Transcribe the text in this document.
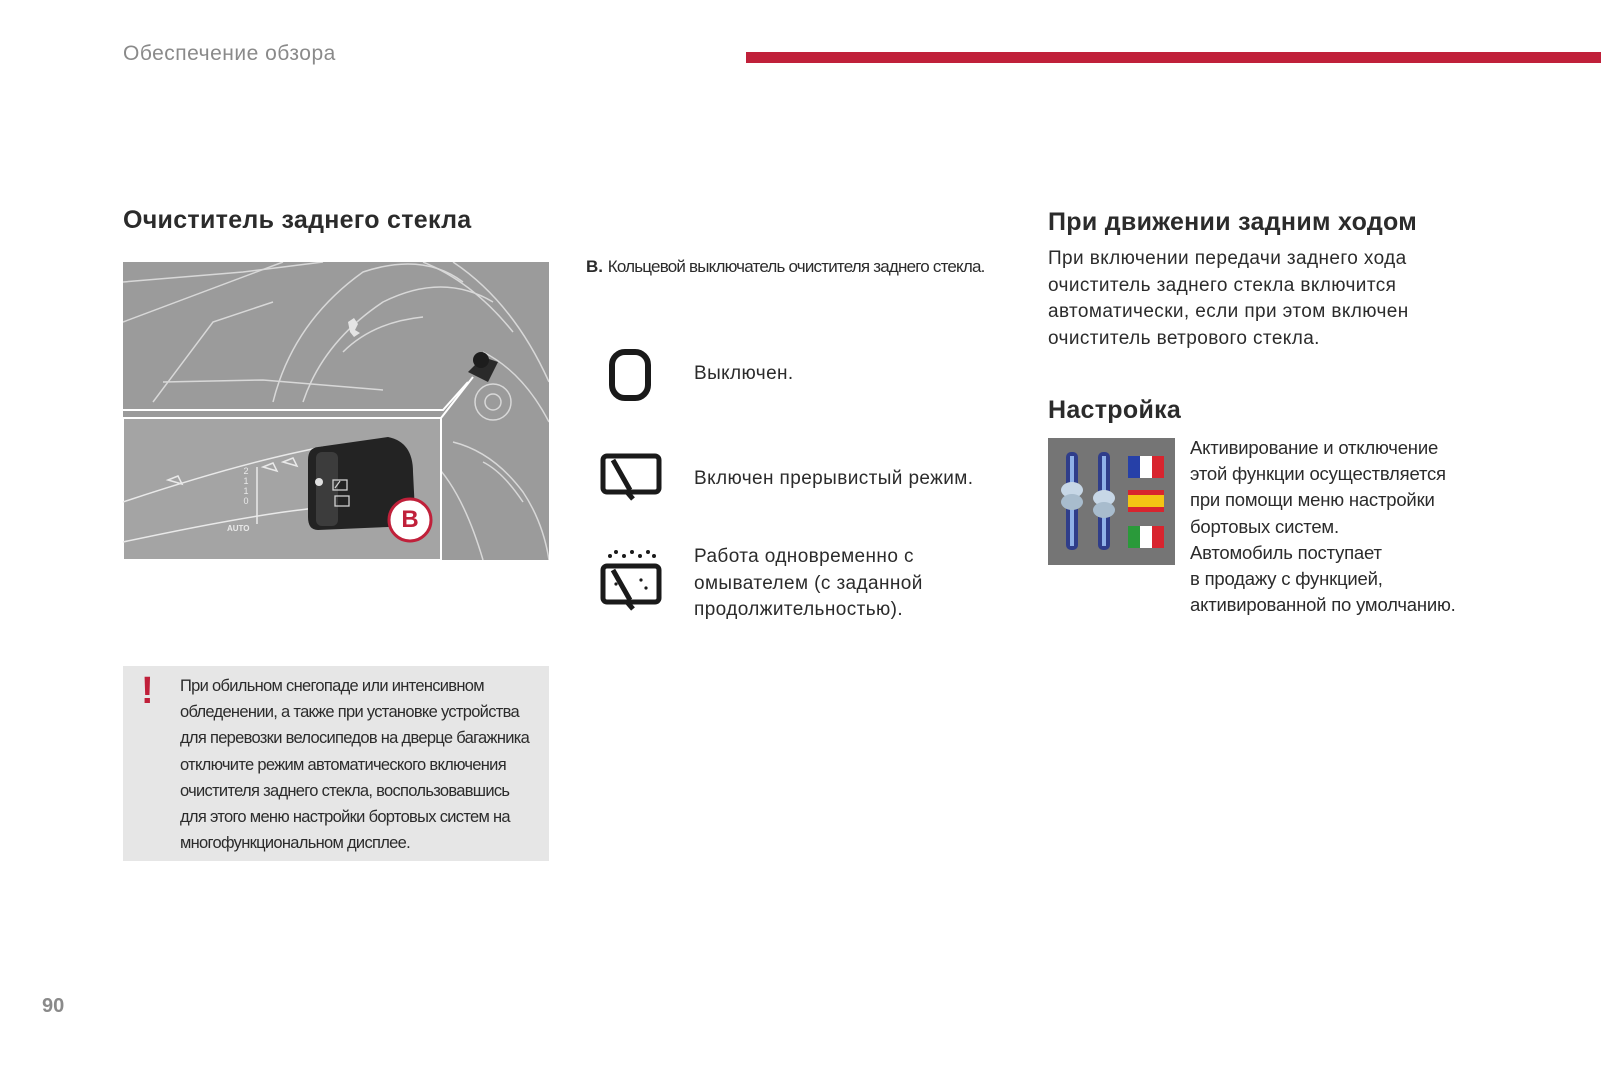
Обеспечение обзора
Очиститель заднего стекла
2
1
1
0
AUTO	B
! При обильном снегопаде или интенсивном
обледенении, а также при установке устройства
для перевозки велосипедов на дверце багажника
отключите режим автоматического включения
очистителя заднего стекла, воспользовавшись
для этого меню настройки бортовых систем на
многофункциональном дисплее.
B. Кольцевой выключатель очистителя заднего стекла.
Выключен.
Включен прерывистый режим.
Работа одновременно с
омывателем (с заданной
продолжительностью).
При движении задним ходом
При включении передачи заднего хода
очиститель заднего стекла включится
автоматически, если при этом включен
очиститель ветрового стекла.
Настройка
Активирование и отключение
этой функции осуществляется
при помощи меню настройки
бортовых систем.
Автомобиль поступает
в продажу с функцией,
активированной по умолчанию.
90
